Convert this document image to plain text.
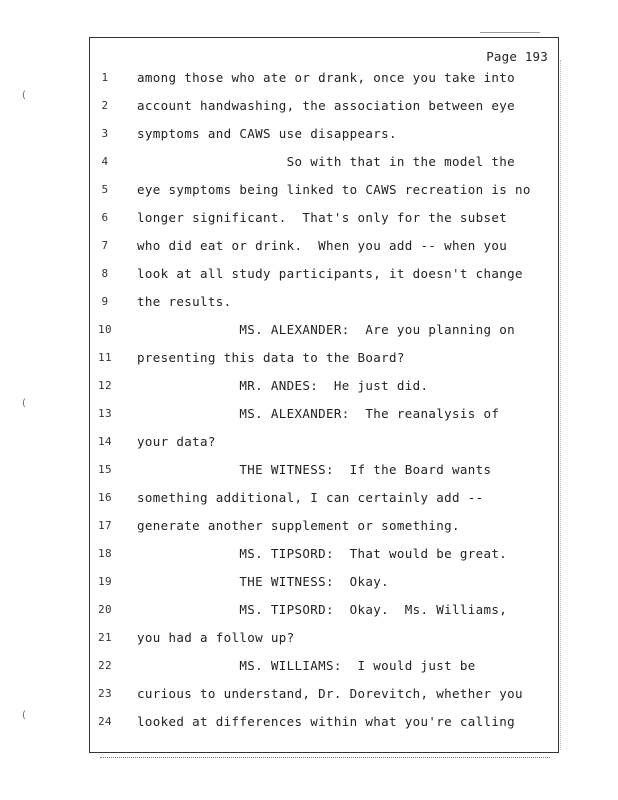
(
(
(
Page 193
1	among those who ate or drank, once you take into
2	account handwashing, the association between eye
3	symptoms and CAWS use disappears.
4	So with that in the model the
5	eye symptoms being linked to CAWS recreation is no
6	longer significant.  That's only for the subset
7	who did eat or drink.  When you add -- when you
8	look at all study participants, it doesn't change
9	the results.
10	MS. ALEXANDER:  Are you planning on
11	presenting this data to the Board?
12	MR. ANDES:  He just did.
13	MS. ALEXANDER:  The reanalysis of
14	your data?
15	THE WITNESS:  If the Board wants
16	something additional, I can certainly add --
17	generate another supplement or something.
18	MS. TIPSORD:  That would be great.
19	THE WITNESS:  Okay.
20	MS. TIPSORD:  Okay.  Ms. Williams,
21	you had a follow up?
22	MS. WILLIAMS:  I would just be
23	curious to understand, Dr. Dorevitch, whether you
24	looked at differences within what you're calling
